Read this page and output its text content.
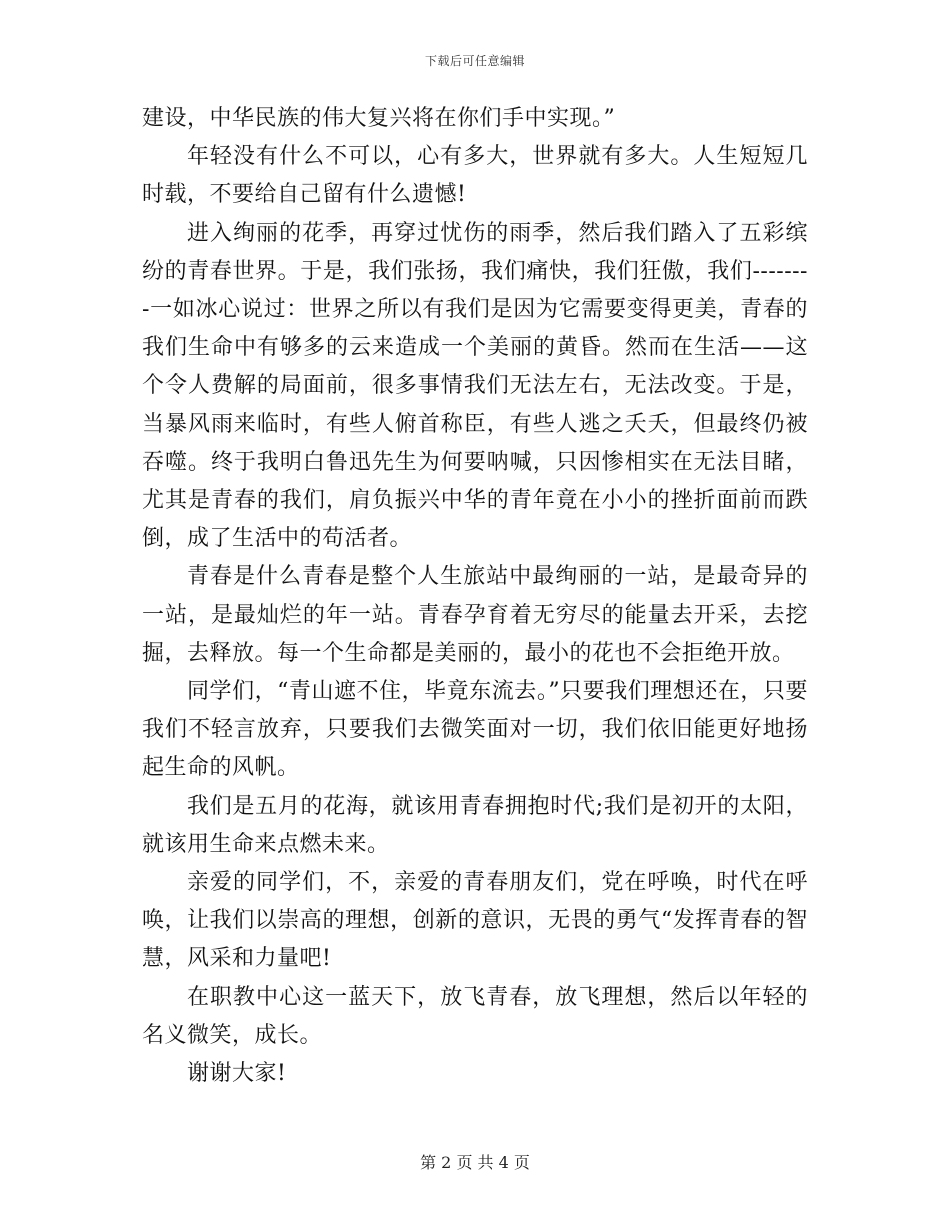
下载后可任意编辑

建设，中华民族的伟大复兴将在你们手中实现。”

年轻没有什么不可以，心有多大，世界就有多大。人生短短几时载，不要给自己留有什么遗憾!

进入绚丽的花季，再穿过忧伤的雨季，然后我们踏入了五彩缤纷的青春世界。于是，我们张扬，我们痛快，我们狂傲，我们--------一如冰心说过：世界之所以有我们是因为它需要变得更美，青春的我们生命中有够多的云来造成一个美丽的黄昏。然而在生活——这个令人费解的局面前，很多事情我们无法左右，无法改变。于是，当暴风雨来临时，有些人俯首称臣，有些人逃之夭夭，但最终仍被吞噬。终于我明白鲁迅先生为何要呐喊，只因惨相实在无法目睹，尤其是青春的我们，肩负振兴中华的青年竟在小小的挫折面前而跌倒，成了生活中的苟活者。

青春是什么青春是整个人生旅站中最绚丽的一站，是最奇异的一站，是最灿烂的年一站。青春孕育着无穷尽的能量去开采，去挖掘，去释放。每一个生命都是美丽的，最小的花也不会拒绝开放。

同学们，“青山遮不住，毕竟东流去。”只要我们理想还在，只要我们不轻言放弃，只要我们去微笑面对一切，我们依旧能更好地扬起生命的风帆。

我们是五月的花海，就该用青春拥抱时代;我们是初开的太阳，就该用生命来点燃未来。

亲爱的同学们，不，亲爱的青春朋友们，党在呼唤，时代在呼唤，让我们以崇高的理想，创新的意识，无畏的勇气“发挥青春的智慧，风采和力量吧!

在职教中心这一蓝天下，放飞青春，放飞理想，然后以年轻的名义微笑，成长。

谢谢大家!

第 2 页 共 4 页
